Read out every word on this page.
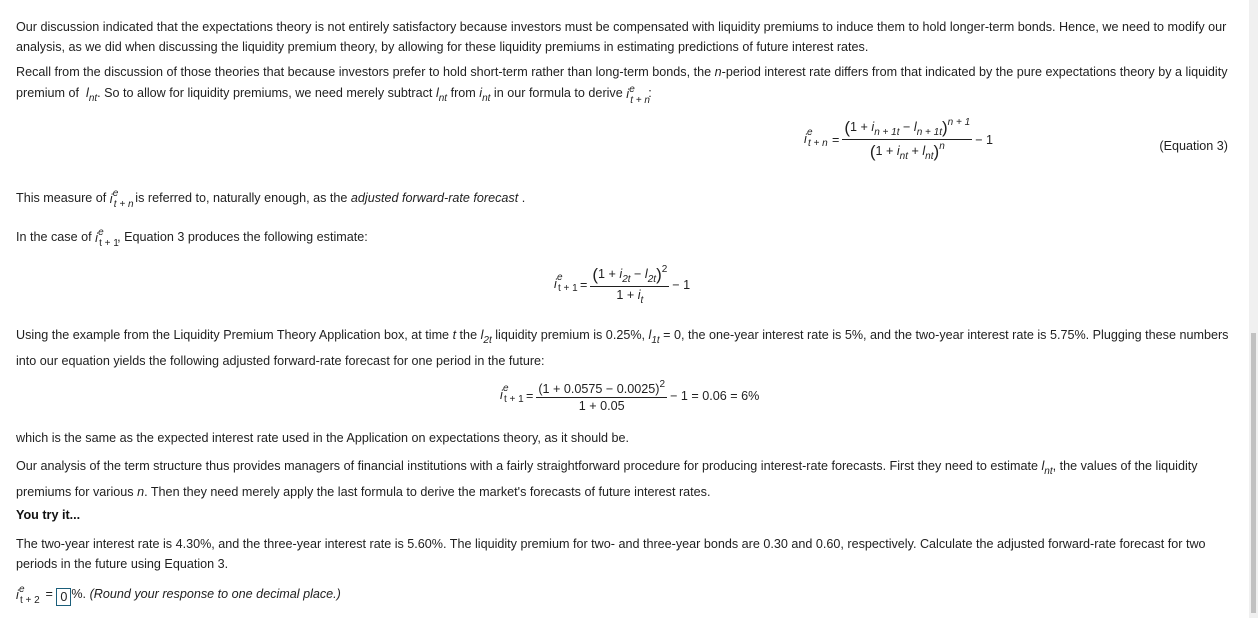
Our discussion indicated that the expectations theory is not entirely satisfactory because investors must be compensated with liquidity premiums to induce them to hold longer-term bonds. Hence, we need to modify our analysis, as we did when discussing the liquidity premium theory, by allowing for these liquidity premiums in estimating predictions of future interest rates.

Recall from the discussion of those theories that because investors prefer to hold short-term rather than long-term bonds, the n-period interest rate differs from that indicated by the pure expectations theory by a liquidity premium of  $l_{nt}$. So to allow for liquidity premiums, we need merely subtract $l_{nt}$ from $i_{nt}$ in our formula to derive e
i t + n
:

e
i $t + n = \frac{(1 + i_{n + 1t} - l_{n + 1t})^{n + 1}}{(1 + i_{nt} + l_{nt})^n} - 1$	(Equation 3)

This measure of e
i t + n
is referred to, naturally enough, as the adjusted forward-rate forecast .

In the case of e
i t + 1
, Equation 3 produces the following estimate:

e
i $t + 1 = \frac{(1 + i_{2t} - l_{2t})^2}{1 + i_t} - 1$

Using the example from the Liquidity Premium Theory Application box, at time t the $l_{2t}$ liquidity premium is 0.25%, $l_{1t} = 0$, the one-year interest rate is 5%, and the two-year interest rate is 5.75%. Plugging these numbers into our equation yields the following adjusted forward-rate forecast for one period in the future:

e
i $t + 1 = \frac{(1 + 0.0575 - 0.0025)^2}{1 + 0.05} - 1 = 0.06 = 6\%$

which is the same as the expected interest rate used in the Application on expectations theory, as it should be.

Our analysis of the term structure thus provides managers of financial institutions with a fairly straightforward procedure for producing interest-rate forecasts. First they need to estimate $l_{nt}$, the values of the liquidity premiums for various n. Then they need merely apply the last formula to derive the market's forecasts of future interest rates.

You try it...

The two-year interest rate is 4.30%, and the three-year interest rate is 5.60%. The liquidity premium for two- and three-year bonds are 0.30 and 0.60, respectively. Calculate the adjusted forward-rate forecast for two periods in the future using Equation 3.

e
i t + 2 = 0 %. (Round your response to one decimal place.)
